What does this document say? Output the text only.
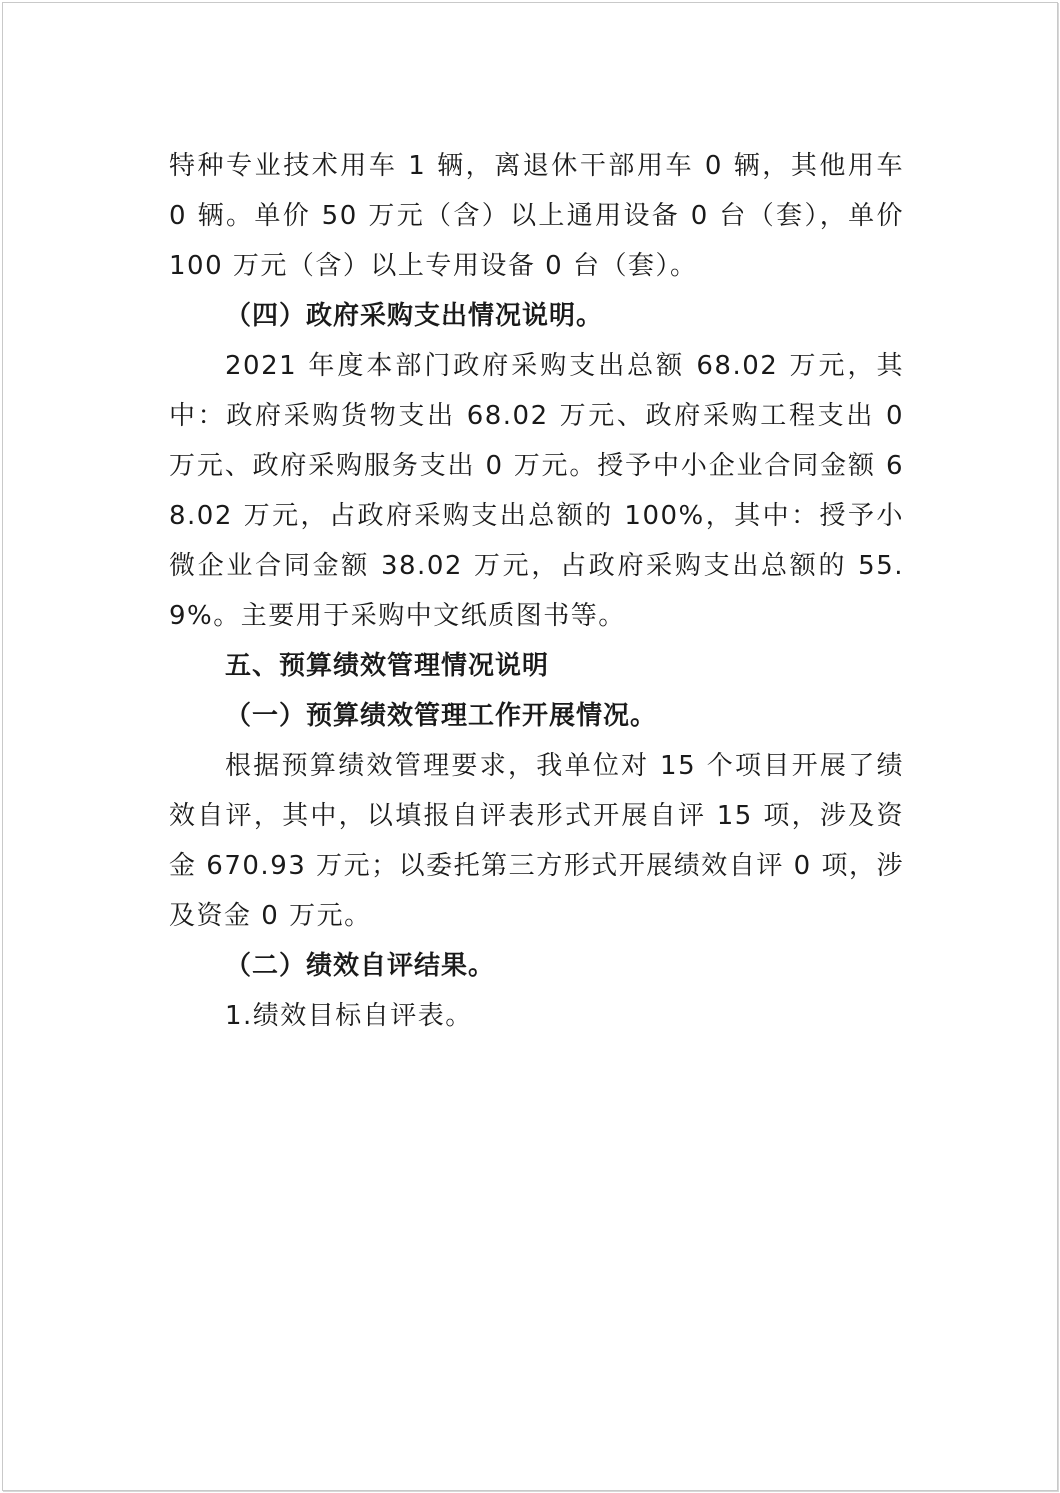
特种专业技术用车 1 辆，离退休干部用车 0 辆，其他用车 0 辆。单价 50 万元（含）以上通用设备 0 台（套），单价 100 万元（含）以上专用设备 0 台（套）。

（四）政府采购支出情况说明。

2021 年度本部门政府采购支出总额 68.02 万元，其中：政府采购货物支出 68.02 万元、政府采购工程支出 0 万元、政府采购服务支出 0 万元。授予中小企业合同金额 68.02 万元，占政府采购支出总额的 100%，其中：授予小微企业合同金额 38.02 万元，占政府采购支出总额的 55.9%。主要用于采购中文纸质图书等。

五、预算绩效管理情况说明

（一）预算绩效管理工作开展情况。

根据预算绩效管理要求，我单位对 15 个项目开展了绩效自评，其中，以填报自评表形式开展自评 15 项，涉及资金 670.93 万元；以委托第三方形式开展绩效自评 0 项，涉及资金 0 万元。

（二）绩效自评结果。

1.绩效目标自评表。
